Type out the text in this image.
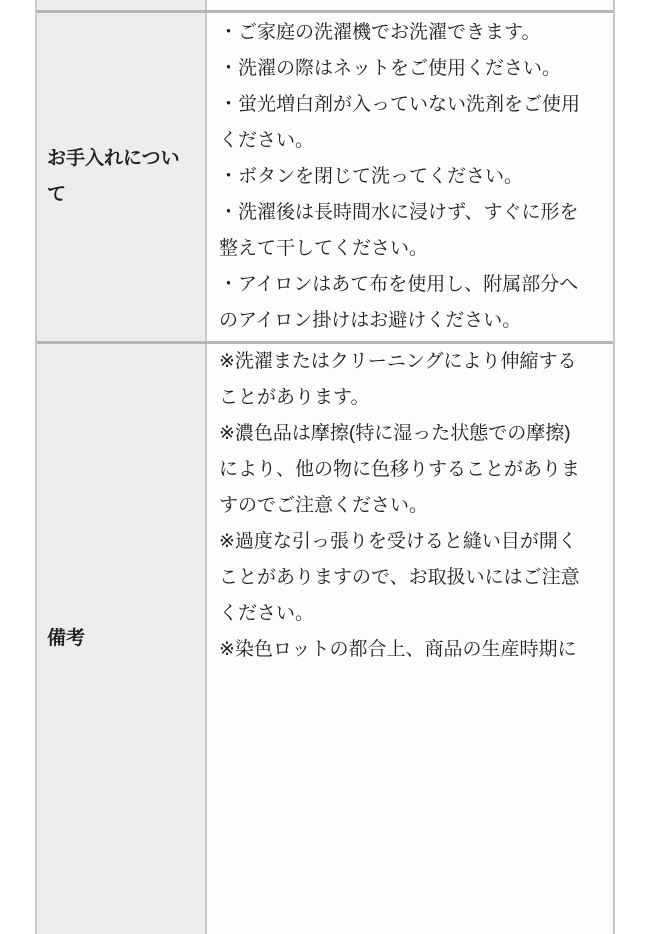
お手入れについ
て
・ご家庭の洗濯機でお洗濯できます。
・洗濯の際はネットをご使用ください。
・蛍光増白剤が入っていない洗剤をご使用
ください。
・ボタンを閉じて洗ってください。
・洗濯後は長時間水に浸けず、すぐに形を
整えて干してください。
・アイロンはあて布を使用し、附属部分へ
のアイロン掛けはお避けください。
備考
※洗濯またはクリーニングにより伸縮する
ことがあります。
※濃色品は摩擦(特に湿った状態での摩擦)
により、他の物に色移りすることがありま
すのでご注意ください。
※過度な引っ張りを受けると縫い目が開く
ことがありますので、お取扱いにはご注意
ください。
※染色ロットの都合上、商品の生産時期に
